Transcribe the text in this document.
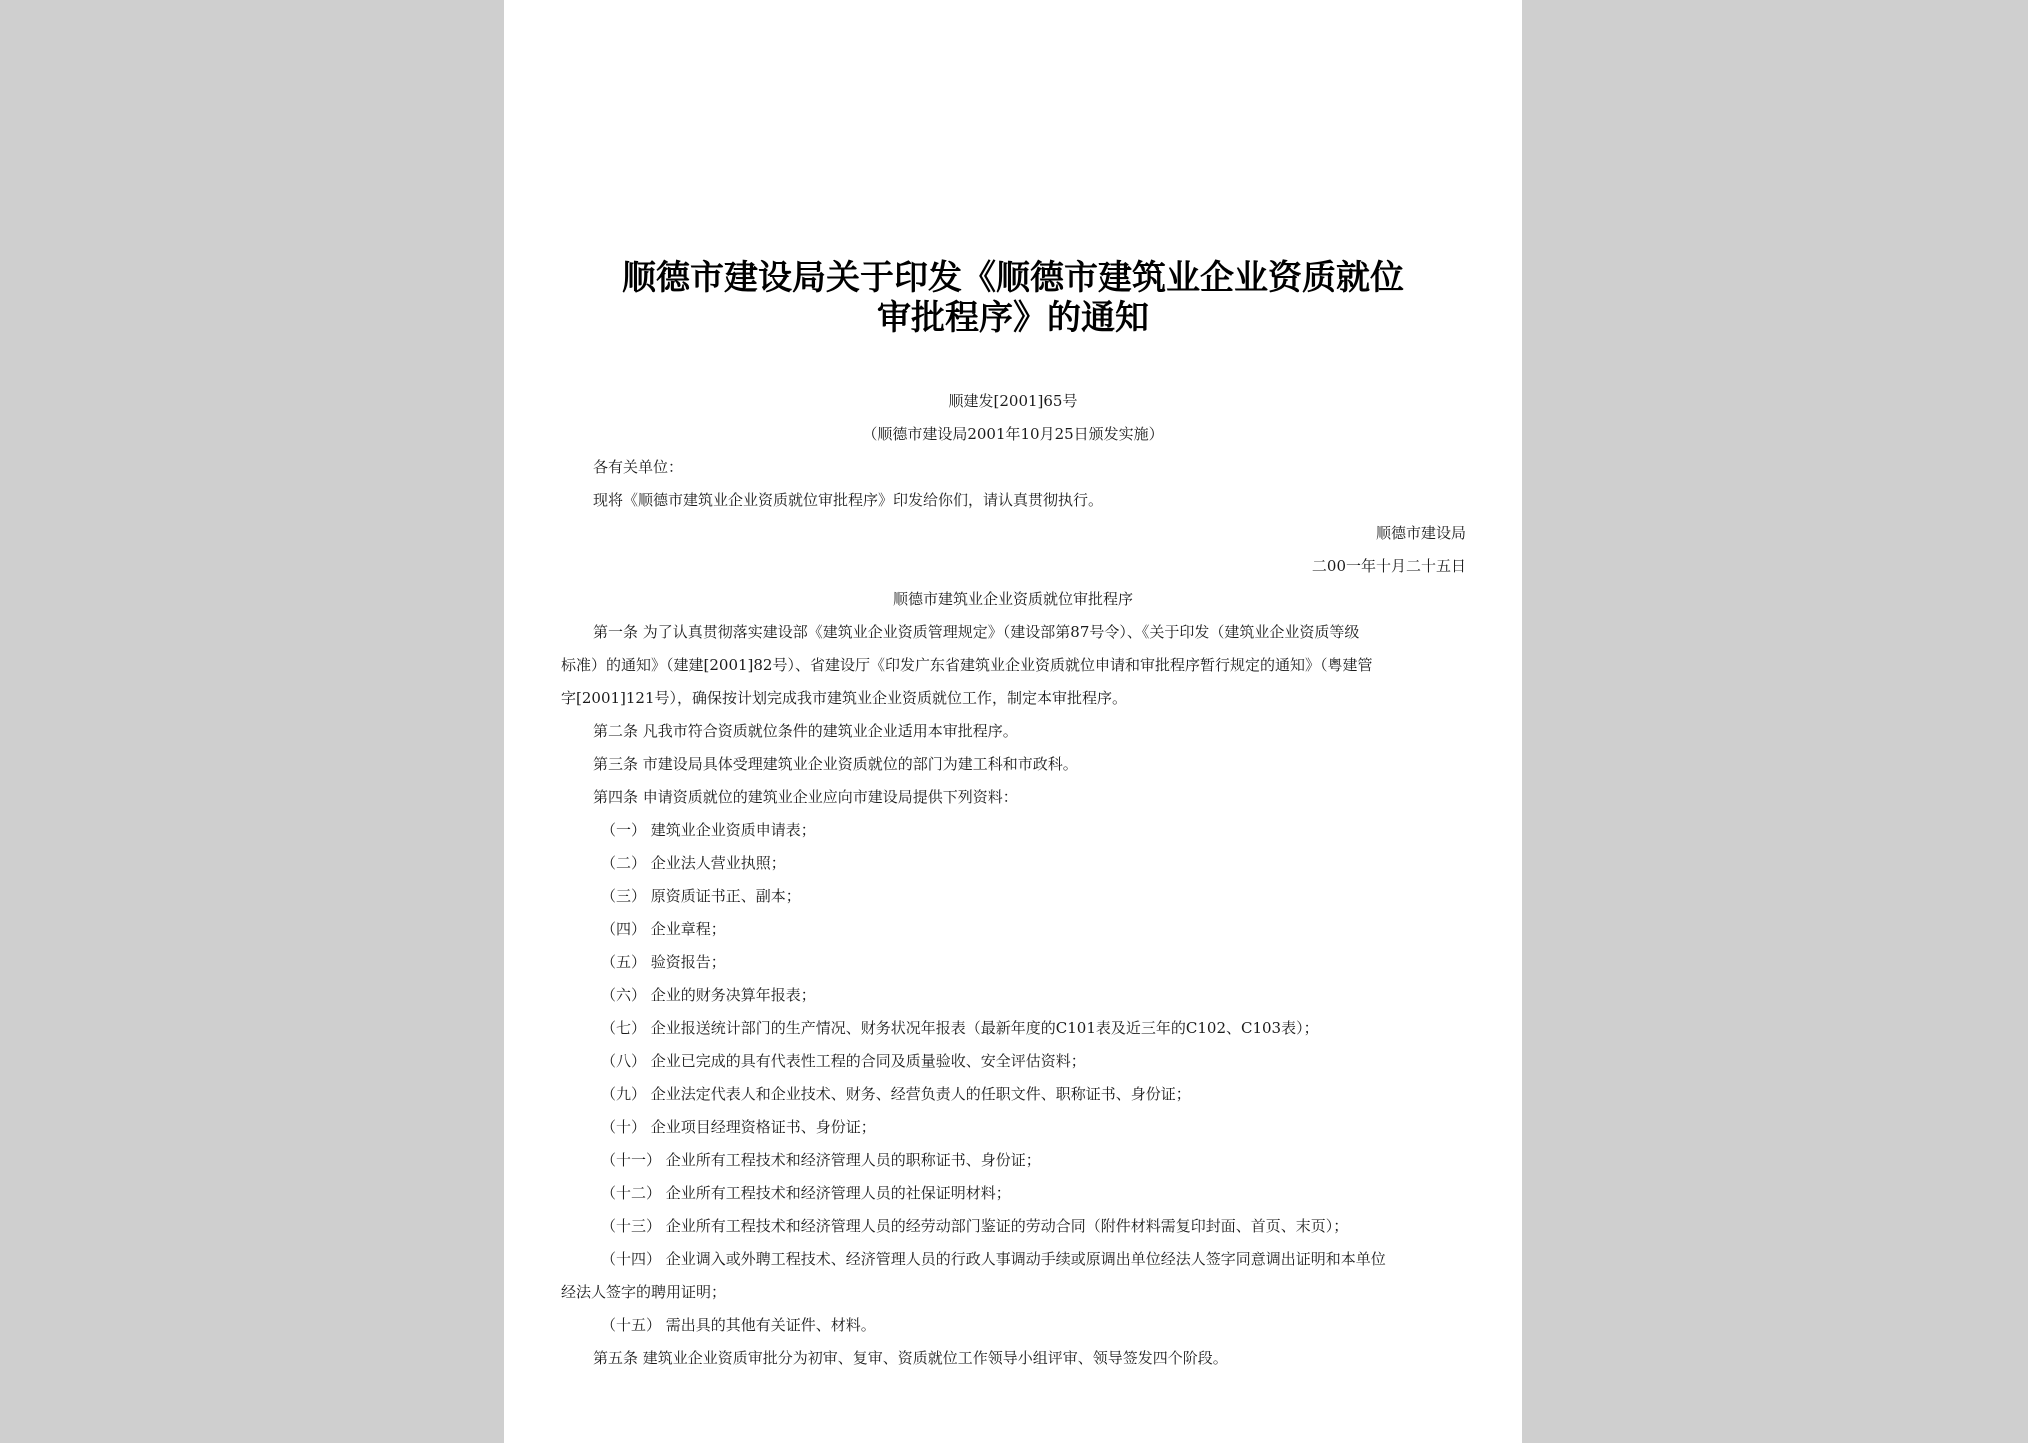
顺德市建设局关于印发《顺德市建筑业企业资质就位
审批程序》的通知
顺建发[2001]65号
（顺德市建设局2001年10月25日颁发实施）
各有关单位：
现将《顺德市建筑业企业资质就位审批程序》印发给你们，请认真贯彻执行。
顺德市建设局
二00一年十月二十五日
顺德市建筑业企业资质就位审批程序
第一条 为了认真贯彻落实建设部《建筑业企业资质管理规定》（建设部第87号令）、《关于印发（建筑业企业资质等级
标准）的通知》（建建[2001]82号）、省建设厅《印发广东省建筑业企业资质就位申请和审批程序暂行规定的通知》（粤建管
字[2001]121号），确保按计划完成我市建筑业企业资质就位工作，制定本审批程序。
第二条 凡我市符合资质就位条件的建筑业企业适用本审批程序。
第三条 市建设局具体受理建筑业企业资质就位的部门为建工科和市政科。
第四条 申请资质就位的建筑业企业应向市建设局提供下列资料：
（一） 建筑业企业资质申请表；
（二） 企业法人营业执照；
（三） 原资质证书正、副本；
（四） 企业章程；
（五） 验资报告；
（六） 企业的财务决算年报表；
（七） 企业报送统计部门的生产情况、财务状况年报表（最新年度的C101表及近三年的C102、C103表）；
（八） 企业已完成的具有代表性工程的合同及质量验收、安全评估资料；
（九） 企业法定代表人和企业技术、财务、经营负责人的任职文件、职称证书、身份证；
（十） 企业项目经理资格证书、身份证；
（十一） 企业所有工程技术和经济管理人员的职称证书、身份证；
（十二） 企业所有工程技术和经济管理人员的社保证明材料；
（十三） 企业所有工程技术和经济管理人员的经劳动部门鉴证的劳动合同（附件材料需复印封面、首页、末页）；
（十四） 企业调入或外聘工程技术、经济管理人员的行政人事调动手续或原调出单位经法人签字同意调出证明和本单位
经法人签字的聘用证明；
（十五） 需出具的其他有关证件、材料。
第五条 建筑业企业资质审批分为初审、复审、资质就位工作领导小组评审、领导签发四个阶段。
